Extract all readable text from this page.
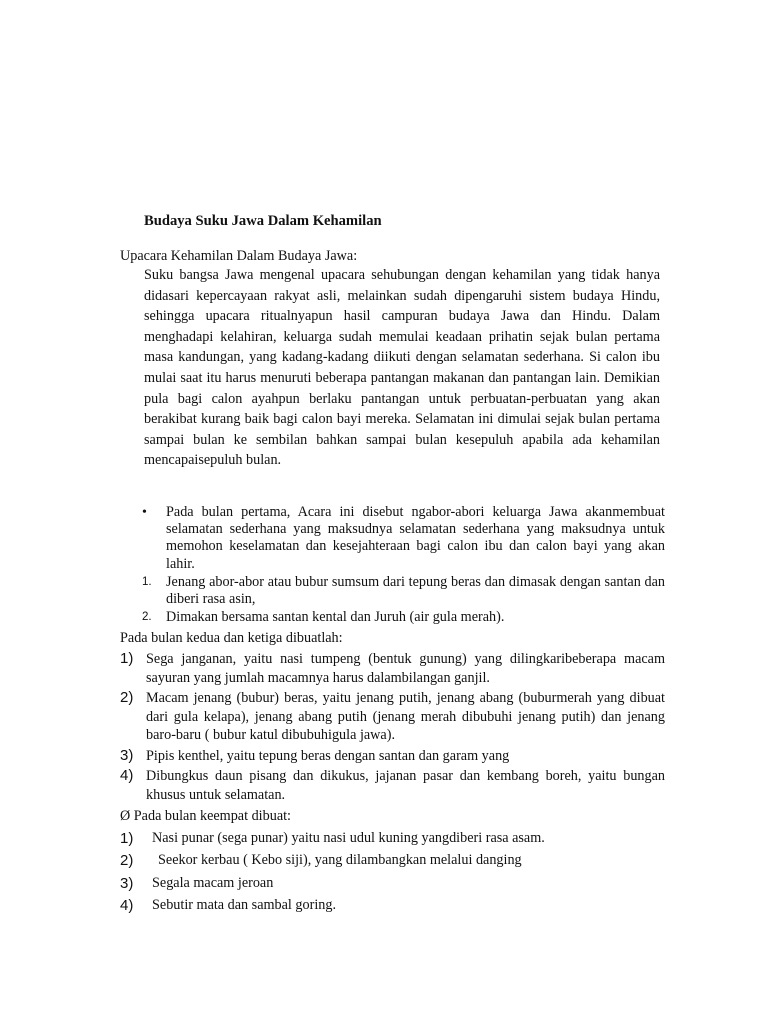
Budaya Suku Jawa Dalam Kehamilan
Upacara Kehamilan Dalam Budaya Jawa:

Suku bangsa Jawa mengenal upacara sehubungan dengan kehamilan yang tidak hanya didasari kepercayaan rakyat asli, melainkan sudah dipengaruhi sistem budaya Hindu, sehingga upacara ritualnyapun hasil campuran budaya Jawa dan Hindu. Dalam menghadapi kelahiran, keluarga sudah memulai keadaan prihatin sejak bulan pertama masa kandungan, yang kadang-kadang diikuti dengan selamatan sederhana. Si calon ibu mulai saat itu harus menuruti beberapa pantangan makanan dan pantangan lain. Demikian pula bagi calon ayahpun berlaku pantangan untuk perbuatan-perbuatan yang akan berakibat kurang baik bagi calon bayi mereka. Selamatan ini dimulai sejak bulan pertama sampai bulan ke sembilan bahkan sampai bulan kesepuluh apabila ada kehamilan mencapaisepuluh bulan.

• Pada bulan pertama, Acara ini disebut ngabor-abori keluarga Jawa akanmembuat selamatan sederhana yang maksudnya selamatan sederhana yang maksudnya untuk memohon keselamatan dan kesejahteraan bagi calon ibu dan calon bayi yang akan lahir.
1. Jenang abor-abor atau bubur sumsum dari tepung beras dan dimasak dengan santan dan diberi rasa asin,
2. Dimakan bersama santan kental dan Juruh (air gula merah).
Pada bulan kedua dan ketiga dibuatlah:
1) Sega janganan, yaitu nasi tumpeng (bentuk gunung) yang dilingkaribeberapa macam sayuran yang jumlah macamnya harus dalambilangan ganjil.
2) Macam jenang (bubur) beras, yaitu jenang putih, jenang abang (buburmerah yang dibuat dari gula kelapa), jenang abang putih (jenang merah dibubuhi jenang putih) dan jenang baro-baru ( bubur katul dibubuhigula jawa).
3) Pipis kenthel, yaitu tepung beras dengan santan dan garam yang
4) Dibungkus daun pisang dan dikukus, jajanan pasar dan kembang boreh, yaitu bungan khusus untuk selamatan.
Ø Pada bulan keempat dibuat:
1) Nasi punar (sega punar) yaitu nasi udul kuning yangdiberi rasa asam.
2) Seekor kerbau ( Kebo siji), yang dilambangkan melalui danging
3) Segala macam jeroan
4) Sebutir mata dan sambal goring.
